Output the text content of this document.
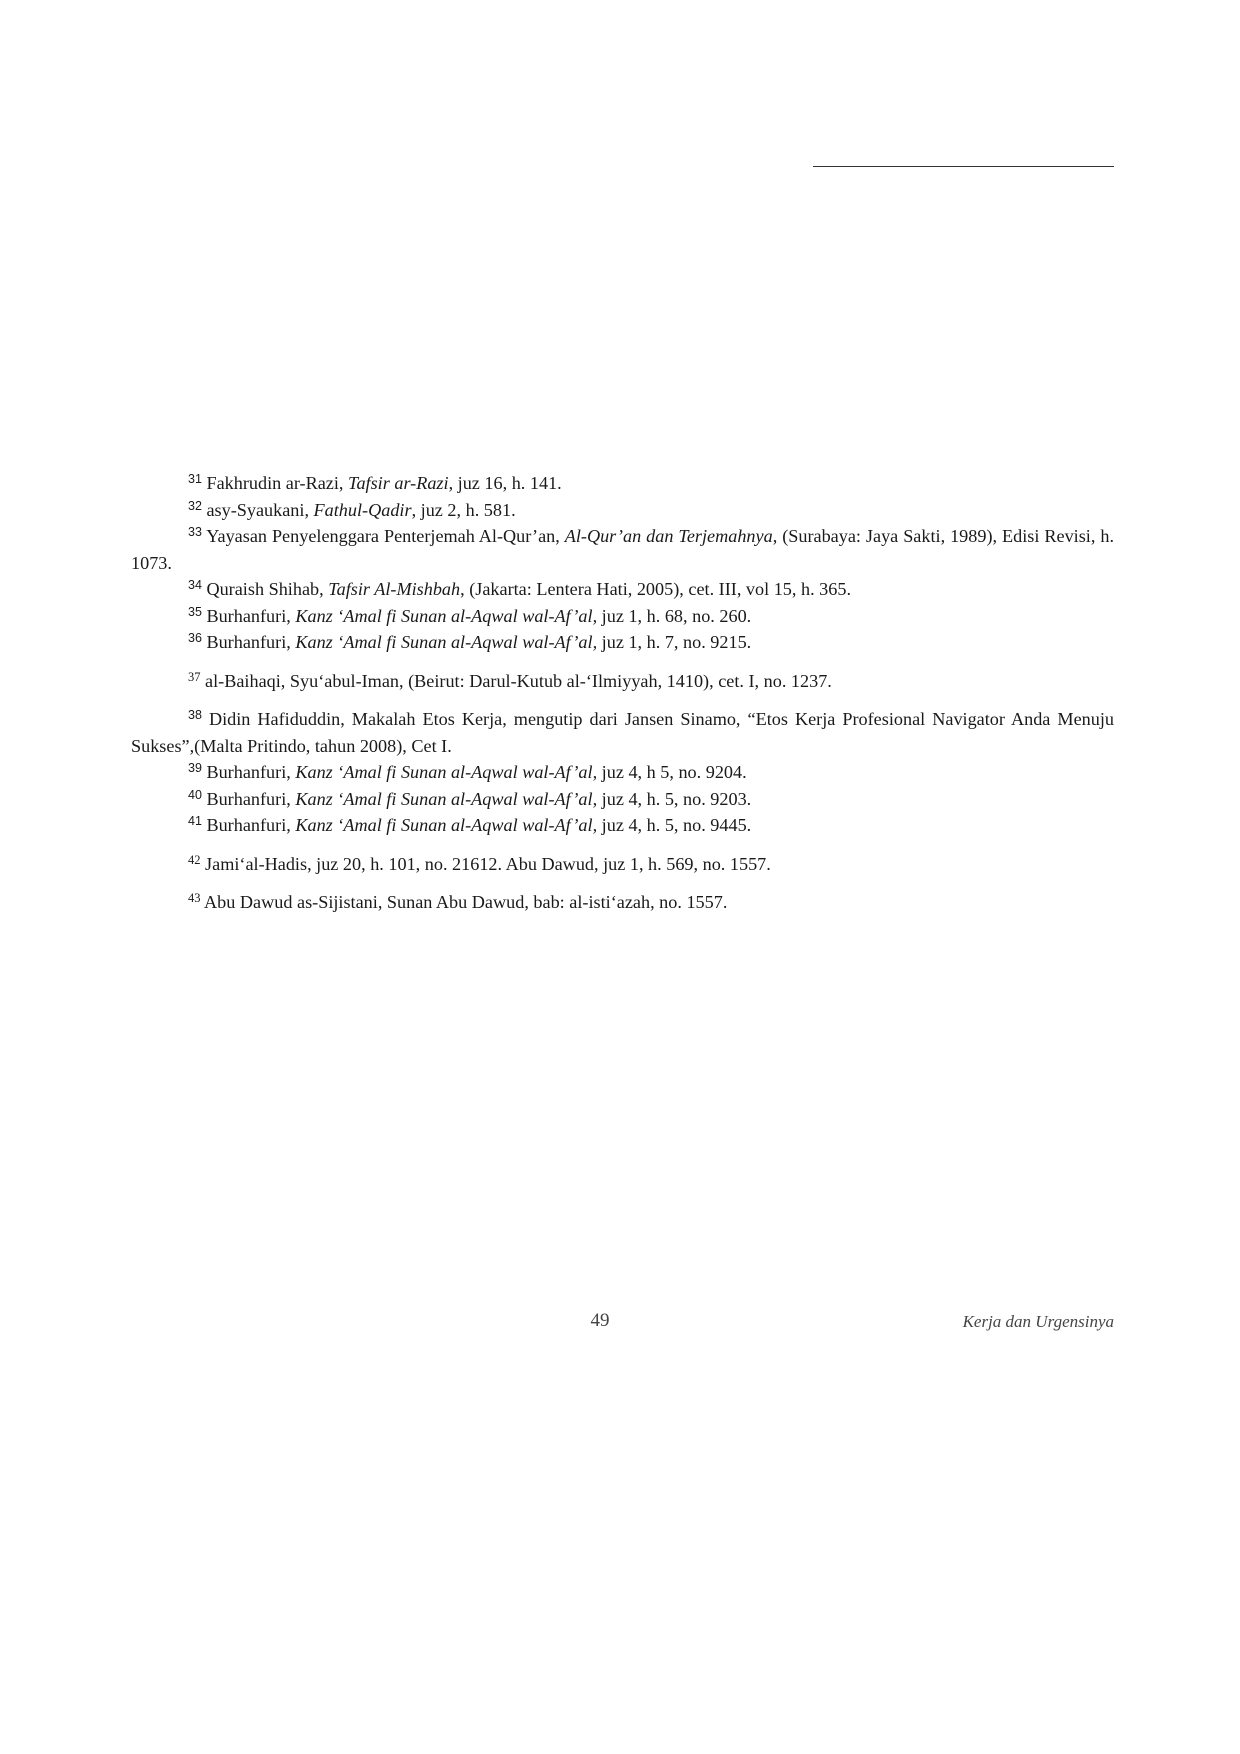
$^{31}$ Fakhrudin ar-Razi, Tafsir ar-Razi, juz 16, h. 141.

$^{32}$ asy-Syaukani, Fathul-Qadir, juz 2, h. 581.

$^{33}$ Yayasan Penyelenggara Penterjemah Al-Qur’an, Al-Qur’an dan Terjemahnya, (Surabaya: Jaya Sakti, 1989), Edisi Revisi, h. 1073.

$^{34}$ Quraish Shihab, Tafsir Al-Mishbah, (Jakarta: Lentera Hati, 2005), cet. III, vol 15, h. 365.

$^{35}$ Burhanfuri, Kanz ‘Amal fi Sunan al-Aqwal wal-Af’al, juz 1, h. 68, no. 260.

$^{36}$ Burhanfuri, Kanz ‘Amal fi Sunan al-Aqwal wal-Af’al, juz 1, h. 7, no. 9215.

$^{37}$ al-Baihaqi, Syu‘abul-Iman, (Beirut: Darul-Kutub al-‘Ilmiyyah, 1410), cet. I, no. 1237.

$^{38}$ Didin Hafiduddin, Makalah Etos Kerja, mengutip dari Jansen Sinamo, “Etos Kerja Profesional Navigator Anda Menuju Sukses”,(Malta Pritindo, tahun 2008), Cet I.

$^{39}$ Burhanfuri, Kanz ‘Amal fi Sunan al-Aqwal wal-Af’al, juz 4, h 5, no. 9204.

$^{40}$ Burhanfuri, Kanz ‘Amal fi Sunan al-Aqwal wal-Af’al, juz 4, h. 5, no. 9203.

$^{41}$ Burhanfuri, Kanz ‘Amal fi Sunan al-Aqwal wal-Af’al, juz 4, h. 5, no. 9445.

$^{42}$ Jami‘al-Hadis, juz 20, h. 101, no. 21612. Abu Dawud, juz 1, h. 569, no. 1557.

$^{43}$ Abu Dawud as-Sijistani, Sunan Abu Dawud, bab: al-isti‘azah, no. 1557.

49	Kerja dan Urgensinya
